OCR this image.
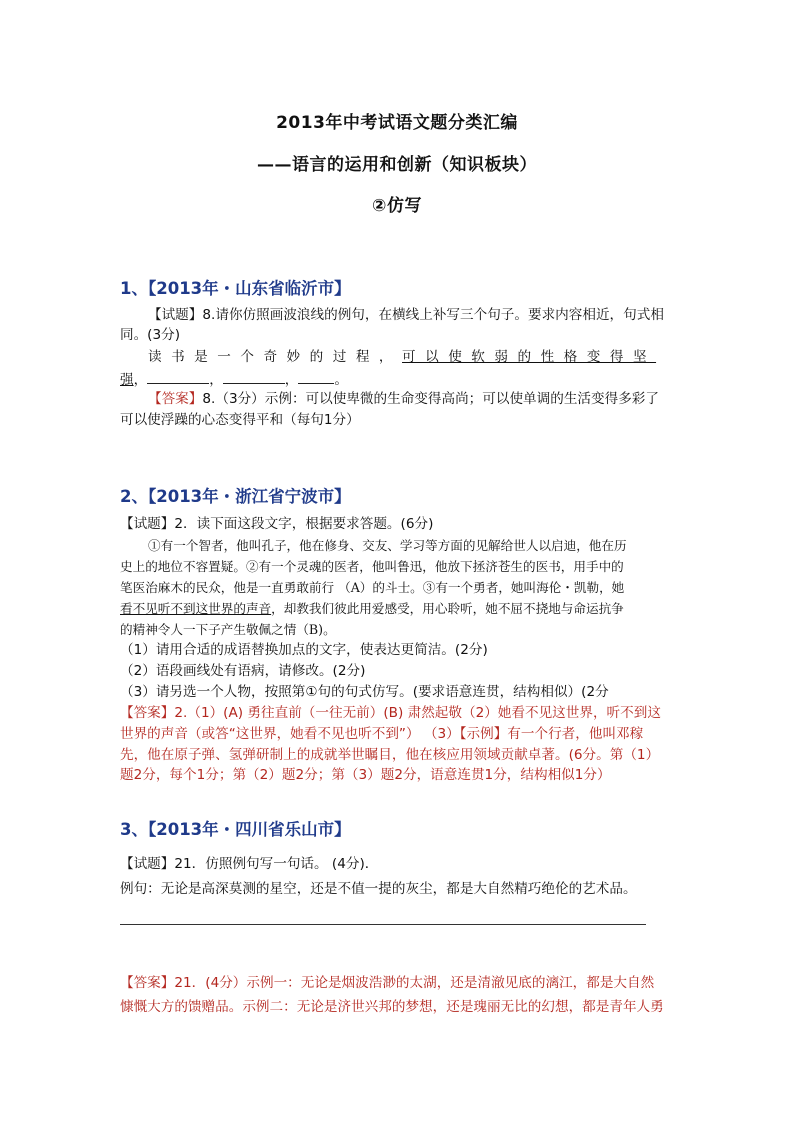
2013年中考试语文题分类汇编
——语言的运用和创新（知识板块）
②仿写
1、【2013年・山东省临沂市】
【试题】8.请你仿照画波浪线的例句，在横线上补写三个句子。要求内容相近，句式相
同。(3分)
读书是一个奇妙的过程，可以使软弱的性格变得坚
强，	，	，	。
【答案】8.（3分）示例：可以使卑微的生命变得高尚；可以使单调的生活变得多彩了
可以使浮躁的心态变得平和（每句1分）
2、【2013年・浙江省宁波市】
【试题】2．读下面这段文字，根据要求答题。(6分)
①有一个智者，他叫孔子，他在修身、交友、学习等方面的见解给世人以启迪，他在历
史上的地位不容置疑。②有一个灵魂的医者，他叫鲁迅，他放下拯济苍生的医书，用手中的
笔医治麻木的民众，他是一直勇敢前行 （A）的斗士。③有一个勇者，她叫海伦・凯勒，她
看不见听不到这世界的声音，却教我们彼此用爱感受，用心聆听，她不屈不挠地与命运抗争
的精神令人一下子产生敬佩之情（B)。
（1）请用合适的成语替换加点的文字，使表达更简洁。(2分)
（2）语段画线处有语病，请修改。(2分)
（3）请另选一个人物，按照第①句的句式仿写。(要求语意连贯，结构相似）(2分
【答案】2.（1）(A) 勇往直前（一往无前）(B) 肃然起敬（2）她看不见这世界，听不到这
世界的声音（或答“这世界，她看不见也听不到”） （3）【示例】有一个行者，他叫邓稼
先，他在原子弹、氢弹研制上的成就举世瞩目，他在核应用领域贡献卓著。(6分。第（1）
题2分，每个1分；第（2）题2分；第（3）题2分，语意连贯1分，结构相似1分）
3、【2013年・四川省乐山市】
【试题】21．仿照例句写一句话。 (4分)．
例句：无论是高深莫测的星空，还是不值一提的灰尘，都是大自然精巧绝伦的艺术品。
【答案】21．(4分）示例一：无论是烟波浩渺的太湖，还是清澈见底的漓江，都是大自然
慷慨大方的馈赠品。示例二：无论是济世兴邦的梦想，还是瑰丽无比的幻想，都是青年人勇
